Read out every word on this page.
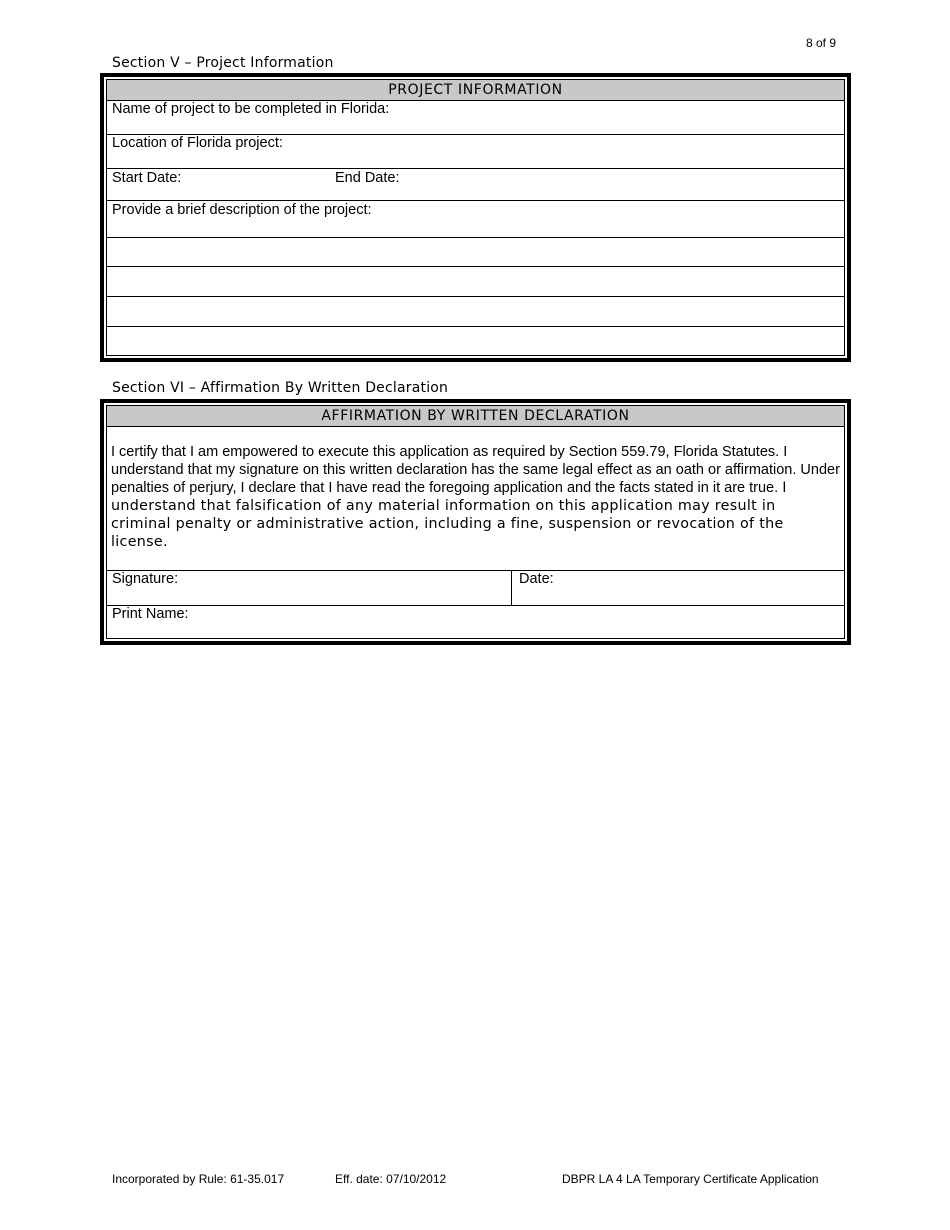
8 of 9
Section V – Project Information
PROJECT INFORMATION
Name of project to be completed in Florida:
Location of Florida project:
Start Date:	End Date:
Provide a brief description of the project:
Section VI – Affirmation By Written Declaration
AFFIRMATION BY WRITTEN DECLARATION
I certify that I am empowered to execute this application as required by Section 559.79, Florida Statutes. I understand that my signature on this written declaration has the same legal effect as an oath or affirmation. Under penalties of perjury, I declare that I have read the foregoing application and the facts stated in it are true. I understand that falsification of any material information on this application may result in criminal penalty or administrative action, including a fine, suspension or revocation of the license.
Signature:	Date:
Print Name:
Incorporated by Rule: 61-35.017	Eff. date: 07/10/2012	DBPR LA 4 LA Temporary Certificate Application
